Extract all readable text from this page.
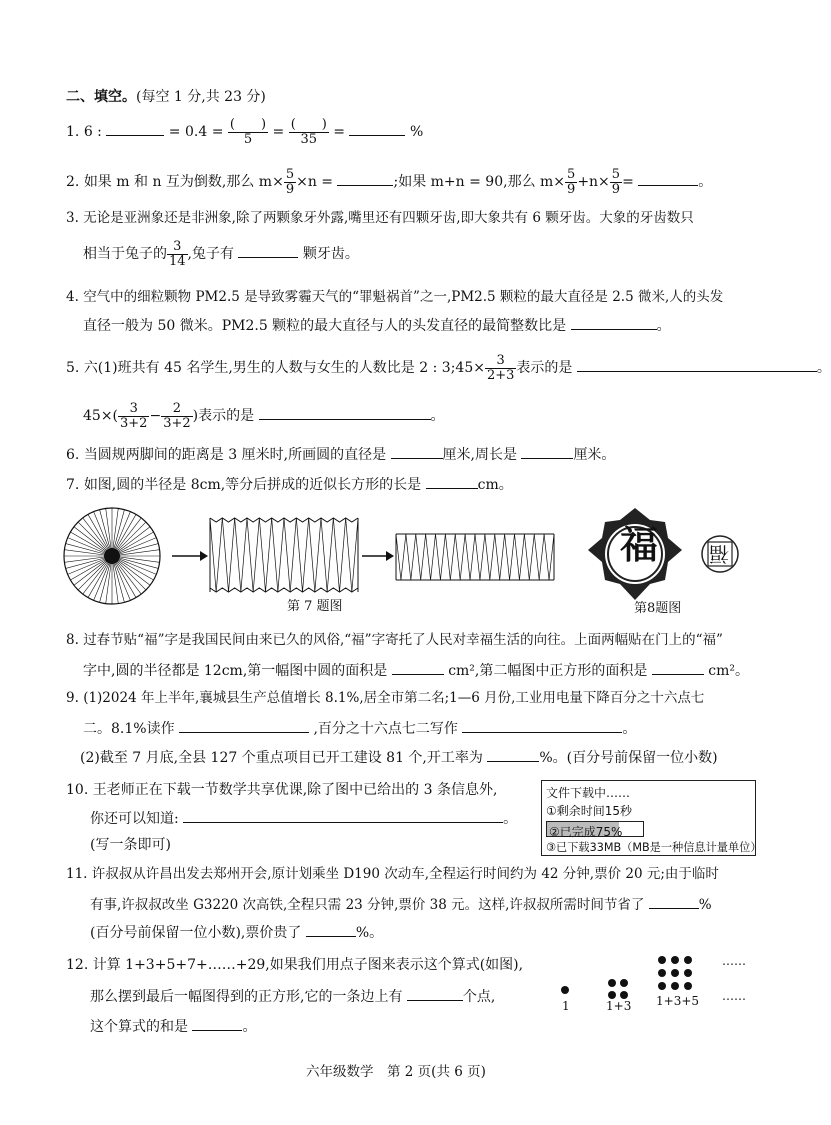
二、填空。(每空 1 分,共 23 分)
1. 6 :	= $0.4 = \frac{( )}{5} = \frac{( )}{35}$ =	%
2. 如果 m 和 n 互为倒数,那么 $m\times \frac{5}{9} \times n$ =	;如果 m+n = 90,那么 $m\times \frac{5}{9} +n\times \frac{5}{9}$ =	。
3. 无论是亚洲象还是非洲象,除了两颗象牙外露,嘴里还有四颗牙齿,即大象共有 6 颗牙齿。大象的牙齿数只
相当于兔子的 $\frac{3}{14}$ ,兔子有	颗牙齿。
4. 空气中的细粒颗物 PM2.5 是导致雾霾天气的“罪魁祸首”之一,PM2.5 颗粒的最大直径是 2.5 微米,人的头发
直径一般为 50 微米。PM2.5 颗粒的最大直径与人的头发直径的最简整数比是	。
5. 六(1)班共有 45 名学生,男生的人数与女生的人数比是 2 : 3;45× $\frac{3}{2+3}$ 表示的是	。
$45\times( \frac{3}{3+2} - \frac{2}{3+2}$ )表示的是	。
6. 当圆规两脚间的距离是 3 厘米时,所画圆的直径是	厘米,周长是	厘米。
7. 如图,圆的半径是 8cm,等分后拼成的近似长方形的长是	cm。
福	福
第 7 题图	第8题图
8. 过春节贴“福”字是我国民间由来已久的风俗,“福”字寄托了人民对幸福生活的向往。上面两幅贴在门上的“福”
字中,圆的半径都是 12cm,第一幅图中圆的面积是	cm²,第二幅图中正方形的面积是	cm²。
9. (1)2024 年上半年,襄城县生产总值增长 8.1%,居全市第二名;1—6 月份,工业用电量下降百分之十六点七
二。8.1%读作	,百分之十六点七二写作	。
(2)截至 7 月底,全县 127 个重点项目已开工建设 81 个,开工率为	%。(百分号前保留一位小数)
10. 王老师正在下载一节数学共享优课,除了图中已给出的 3 条信息外,
你还可以知道:	。
(写一条即可)
文件下载中……
①剩余时间15秒
②已完成75%
③已下载33MB（MB是一种信息计量单位）
11. 许叔叔从许昌出发去郑州开会,原计划乘坐 D190 次动车,全程运行时间约为 42 分钟,票价 20 元;由于临时
有事,许叔叔改坐 G3220 次高铁,全程只需 23 分钟,票价 38 元。这样,许叔叔所需时间节省了	%
(百分号前保留一位小数),票价贵了	%。
12. 计算 1+3+5+7+……+29,如果我们用点子图来表示这个算式(如图),
那么摆到最后一幅图得到的正方形,它的一条边上有	个点,
这个算式的和是	。
……
……
1	1+3 1+3+5
六年级数学　第 2 页(共 6 页)
